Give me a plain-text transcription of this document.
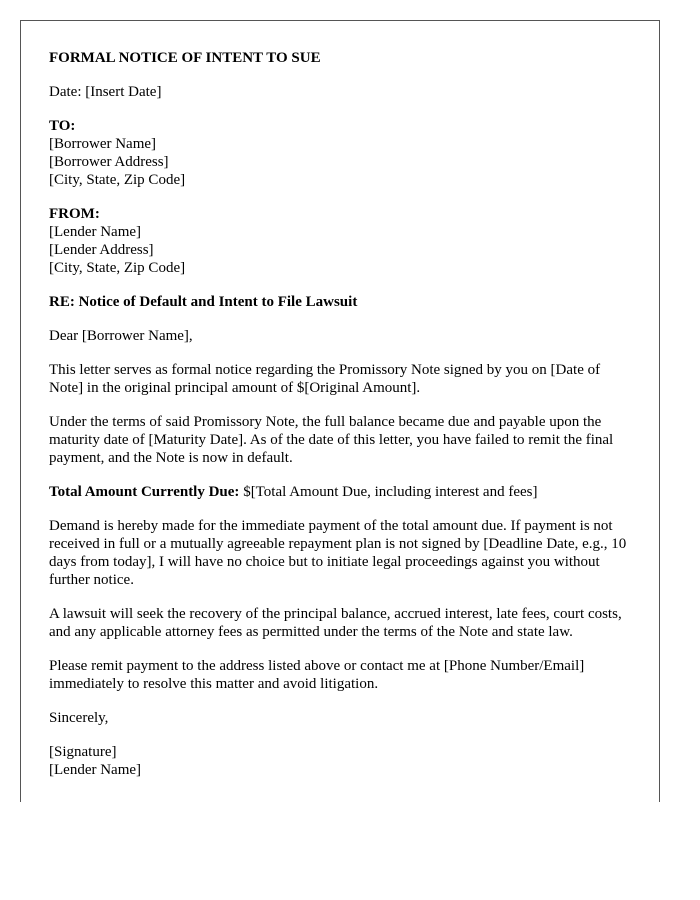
FORMAL NOTICE OF INTENT TO SUE

Date: [Insert Date]

TO:
[Borrower Name]
[Borrower Address]
[City, State, Zip Code]
FROM:
[Lender Name]
[Lender Address]
[City, State, Zip Code]

RE: Notice of Default and Intent to File Lawsuit

Dear [Borrower Name],

This letter serves as formal notice regarding the Promissory Note signed by you on [Date of Note] in the original principal amount of $[Original Amount].

Under the terms of said Promissory Note, the full balance became due and payable upon the maturity date of [Maturity Date]. As of the date of this letter, you have failed to remit the final payment, and the Note is now in default.

Total Amount Currently Due: $[Total Amount Due, including interest and fees]

Demand is hereby made for the immediate payment of the total amount due. If payment is not received in full or a mutually agreeable repayment plan is not signed by [Deadline Date, e.g., 10 days from today], I will have no choice but to initiate legal proceedings against you without further notice.

A lawsuit will seek the recovery of the principal balance, accrued interest, late fees, court costs, and any applicable attorney fees as permitted under the terms of the Note and state law.

Please remit payment to the address listed above or contact me at [Phone Number/Email] immediately to resolve this matter and avoid litigation.

Sincerely,

[Signature]
[Lender Name]
